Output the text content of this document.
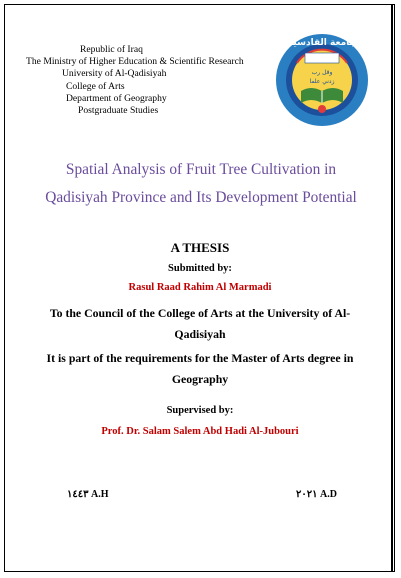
Republic of Iraq
The Ministry of Higher Education & Scientific Research
University of Al-Qadisiyah
College of Arts
Department of Geography
Postgraduate Studies
جامعة القادسية
وقل رب
زدني علما
Spatial Analysis of Fruit Tree Cultivation in
Qadisiyah Province and Its Development Potential
A THESIS
Submitted by:
Rasul Raad Rahim Al Marmadi
To the Council of the College of Arts at the University of Al-
Qadisiyah
It is part of the requirements for the Master of Arts degree in
Geography
Supervised by:
Prof. Dr. Salam Salem Abd Hadi Al-Jubouri
١٤٤٣ A.H	٢٠٢١ A.D
